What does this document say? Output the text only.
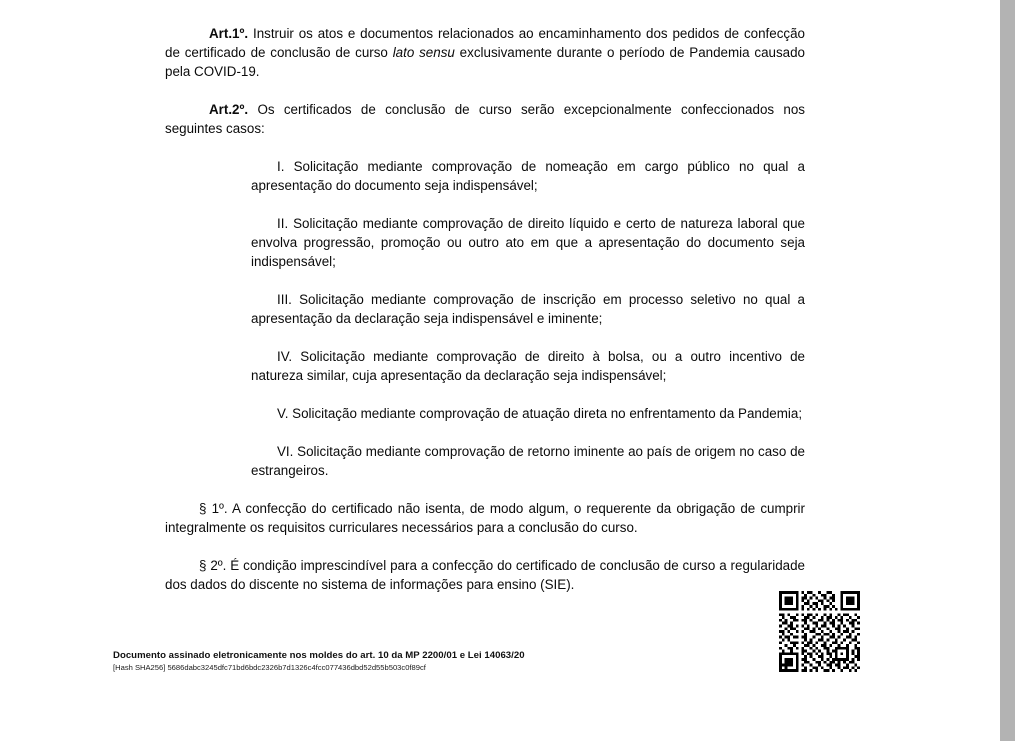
Art.1º. Instruir os atos e documentos relacionados ao encaminhamento dos pedidos de confecção de certificado de conclusão de curso lato sensu exclusivamente durante o período de Pandemia causado pela COVID-19.

Art.2º. Os certificados de conclusão de curso serão excepcionalmente confeccionados nos seguintes casos:

I. Solicitação mediante comprovação de nomeação em cargo público no qual a apresentação do documento seja indispensável;

II. Solicitação mediante comprovação de direito líquido e certo de natureza laboral que envolva progressão, promoção ou outro ato em que a apresentação do documento seja indispensável;

III. Solicitação mediante comprovação de inscrição em processo seletivo no qual a apresentação da declaração seja indispensável e iminente;

IV. Solicitação mediante comprovação de direito à bolsa, ou a outro incentivo de natureza similar, cuja apresentação da declaração seja indispensável;

V. Solicitação mediante comprovação de atuação direta no enfrentamento da Pandemia;

VI. Solicitação mediante comprovação de retorno iminente ao país de origem no caso de estrangeiros.

§ 1º. A confecção do certificado não isenta, de modo algum, o requerente da obrigação de cumprir integralmente os requisitos curriculares necessários para a conclusão do curso.

§ 2º. É condição imprescindível para a confecção do certificado de conclusão de curso a regularidade dos dados do discente no sistema de informações para ensino (SIE).

Documento assinado eletronicamente nos moldes do art. 10 da MP 2200/01 e Lei 14063/20
[Hash SHA256] 5686dabc3245dfc71bd6bdc2326b7d1326c4fcc077436dbd52d55b503c0f89cf
